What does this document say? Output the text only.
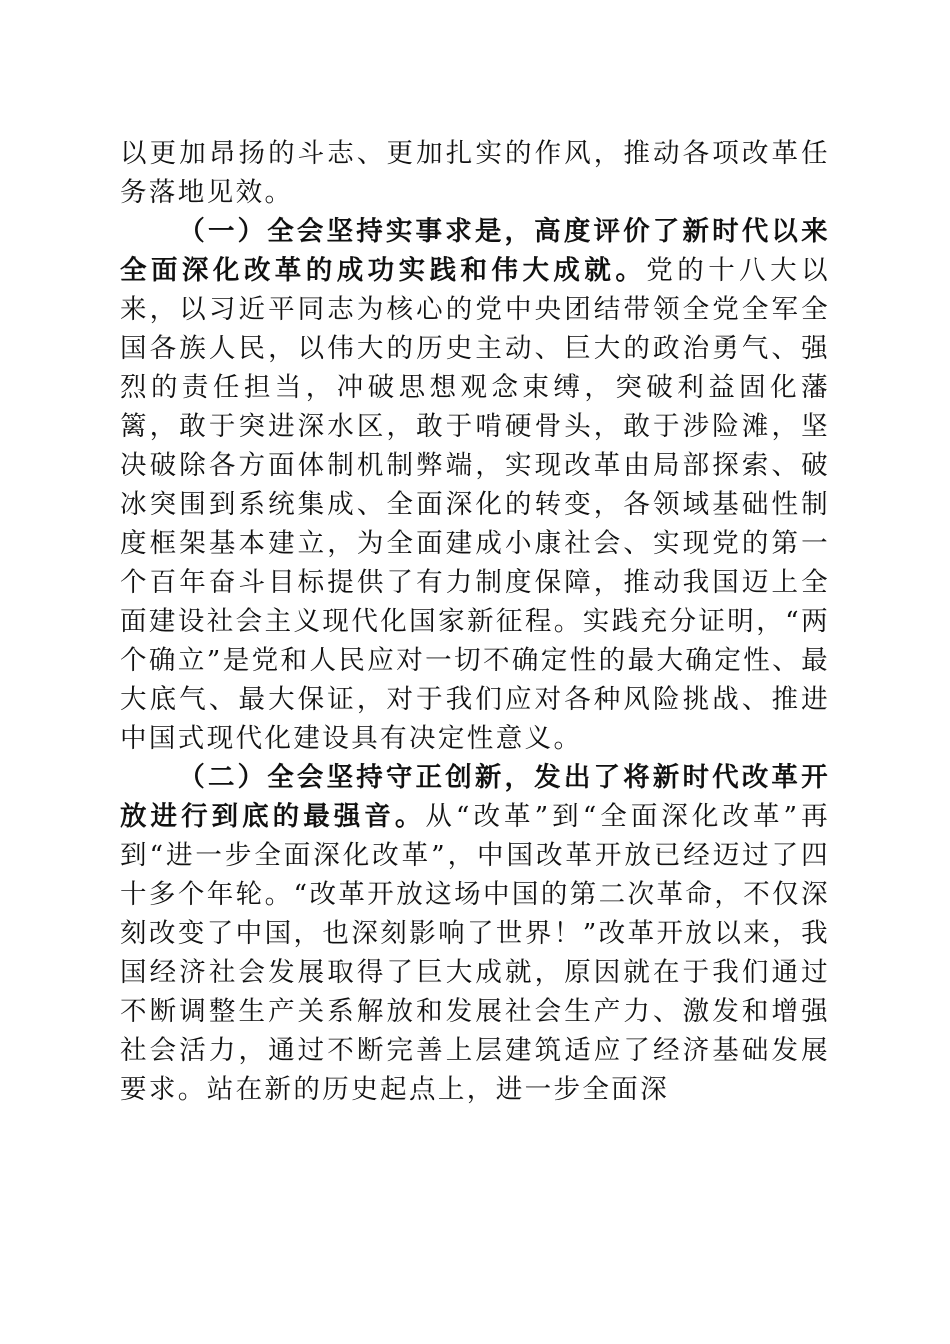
以更加昂扬的斗志、更加扎实的作风，推动各项改革任务落地见效。

（一）全会坚持实事求是，高度评价了新时代以来全面深化改革的成功实践和伟大成就。党的十八大以来，以习近平同志为核心的党中央团结带领全党全军全国各族人民，以伟大的历史主动、巨大的政治勇气、强烈的责任担当，冲破思想观念束缚，突破利益固化藩篱，敢于突进深水区，敢于啃硬骨头，敢于涉险滩，坚决破除各方面体制机制弊端，实现改革由局部探索、破冰突围到系统集成、全面深化的转变，各领域基础性制度框架基本建立，为全面建成小康社会、实现党的第一个百年奋斗目标提供了有力制度保障，推动我国迈上全面建设社会主义现代化国家新征程。实践充分证明，“两个确立”是党和人民应对一切不确定性的最大确定性、最大底气、最大保证，对于我们应对各种风险挑战、推进中国式现代化建设具有决定性意义。

（二）全会坚持守正创新，发出了将新时代改革开放进行到底的最强音。从“改革”到“全面深化改革”再到“进一步全面深化改革”，中国改革开放已经迈过了四十多个年轮。“改革开放这场中国的第二次革命，不仅深刻改变了中国，也深刻影响了世界！”改革开放以来，我国经济社会发展取得了巨大成就，原因就在于我们通过不断调整生产关系解放和发展社会生产力、激发和增强社会活力，通过不断完善上层建筑适应了经济基础发展要求。站在新的历史起点上，进一步全面深
